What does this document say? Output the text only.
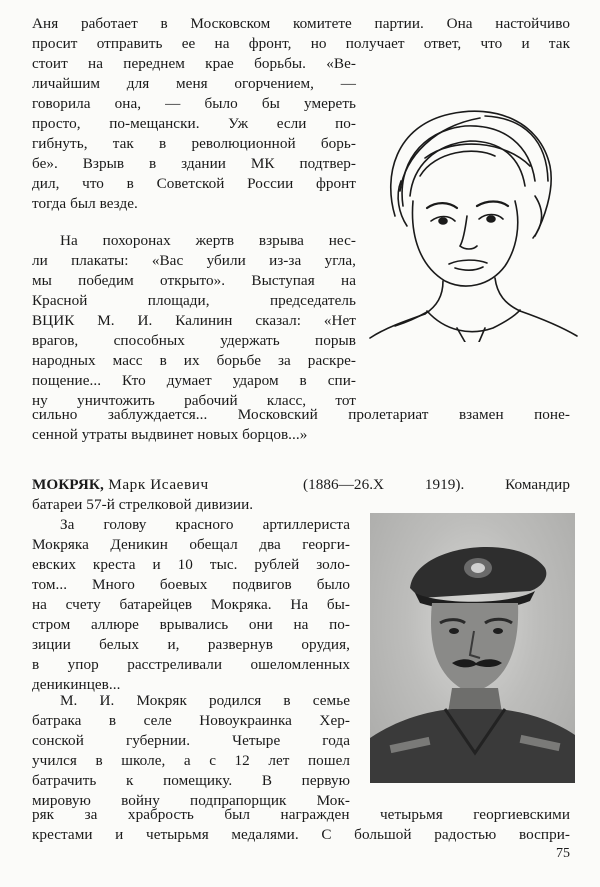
Аня работает в Московском комитете партии. Она настойчиво
просит отправить ее на фронт, но получает ответ, что и так
стоит на переднем крае борьбы. «Ве-
личайшим для меня огорчением, —
говорила она, — было бы умереть
просто, по-мещански. Уж если по-
гибнуть, так в революционной борь-
бе». Взрыв в здании МК подтвер-
дил, что в Советской России фронт
тогда был везде.
На похоронах жертв взрыва нес-
ли плакаты: «Вас убили из-за угла,
мы победим открыто». Выступая на
Красной площади, председатель
ВЦИК М. И. Калинин сказал: «Нет
врагов, способных удержать порыв
народных масс в их борьбе за раскре-
пощение... Кто думает ударом в спи-
ну уничтожить рабочий класс, тот
сильно заблуждается... Московский пролетариат взамен поне-
сенной утраты выдвинет новых борцов...»
(1886—26.X 1919). Командир
батареи 57-й стрелковой дивизии.
За голову красного артиллериста
Мокряка Деникин обещал два георги-
евских креста и 10 тыс. рублей золо-
том... Много боевых подвигов было
на счету батарейцев Мокряка. На бы-
стром аллюре врывались они на по-
зиции белых и, развернув орудия,
в упор расстреливали ошеломленных
деникинцев...
М. И. Мокряк родился в семье
батрака в селе Новоукраинка Хер-
сонской губернии. Четыре года
учился в школе, а с 12 лет пошел
батрачить к помещику. В первую
мировую войну подпрапорщик Мок-
ряк за храбрость был награжден четырьмя георгиевскими
крестами и четырьмя медалями. С большой радостью воспри-
МОКРЯК, Марк Исаевич
75
